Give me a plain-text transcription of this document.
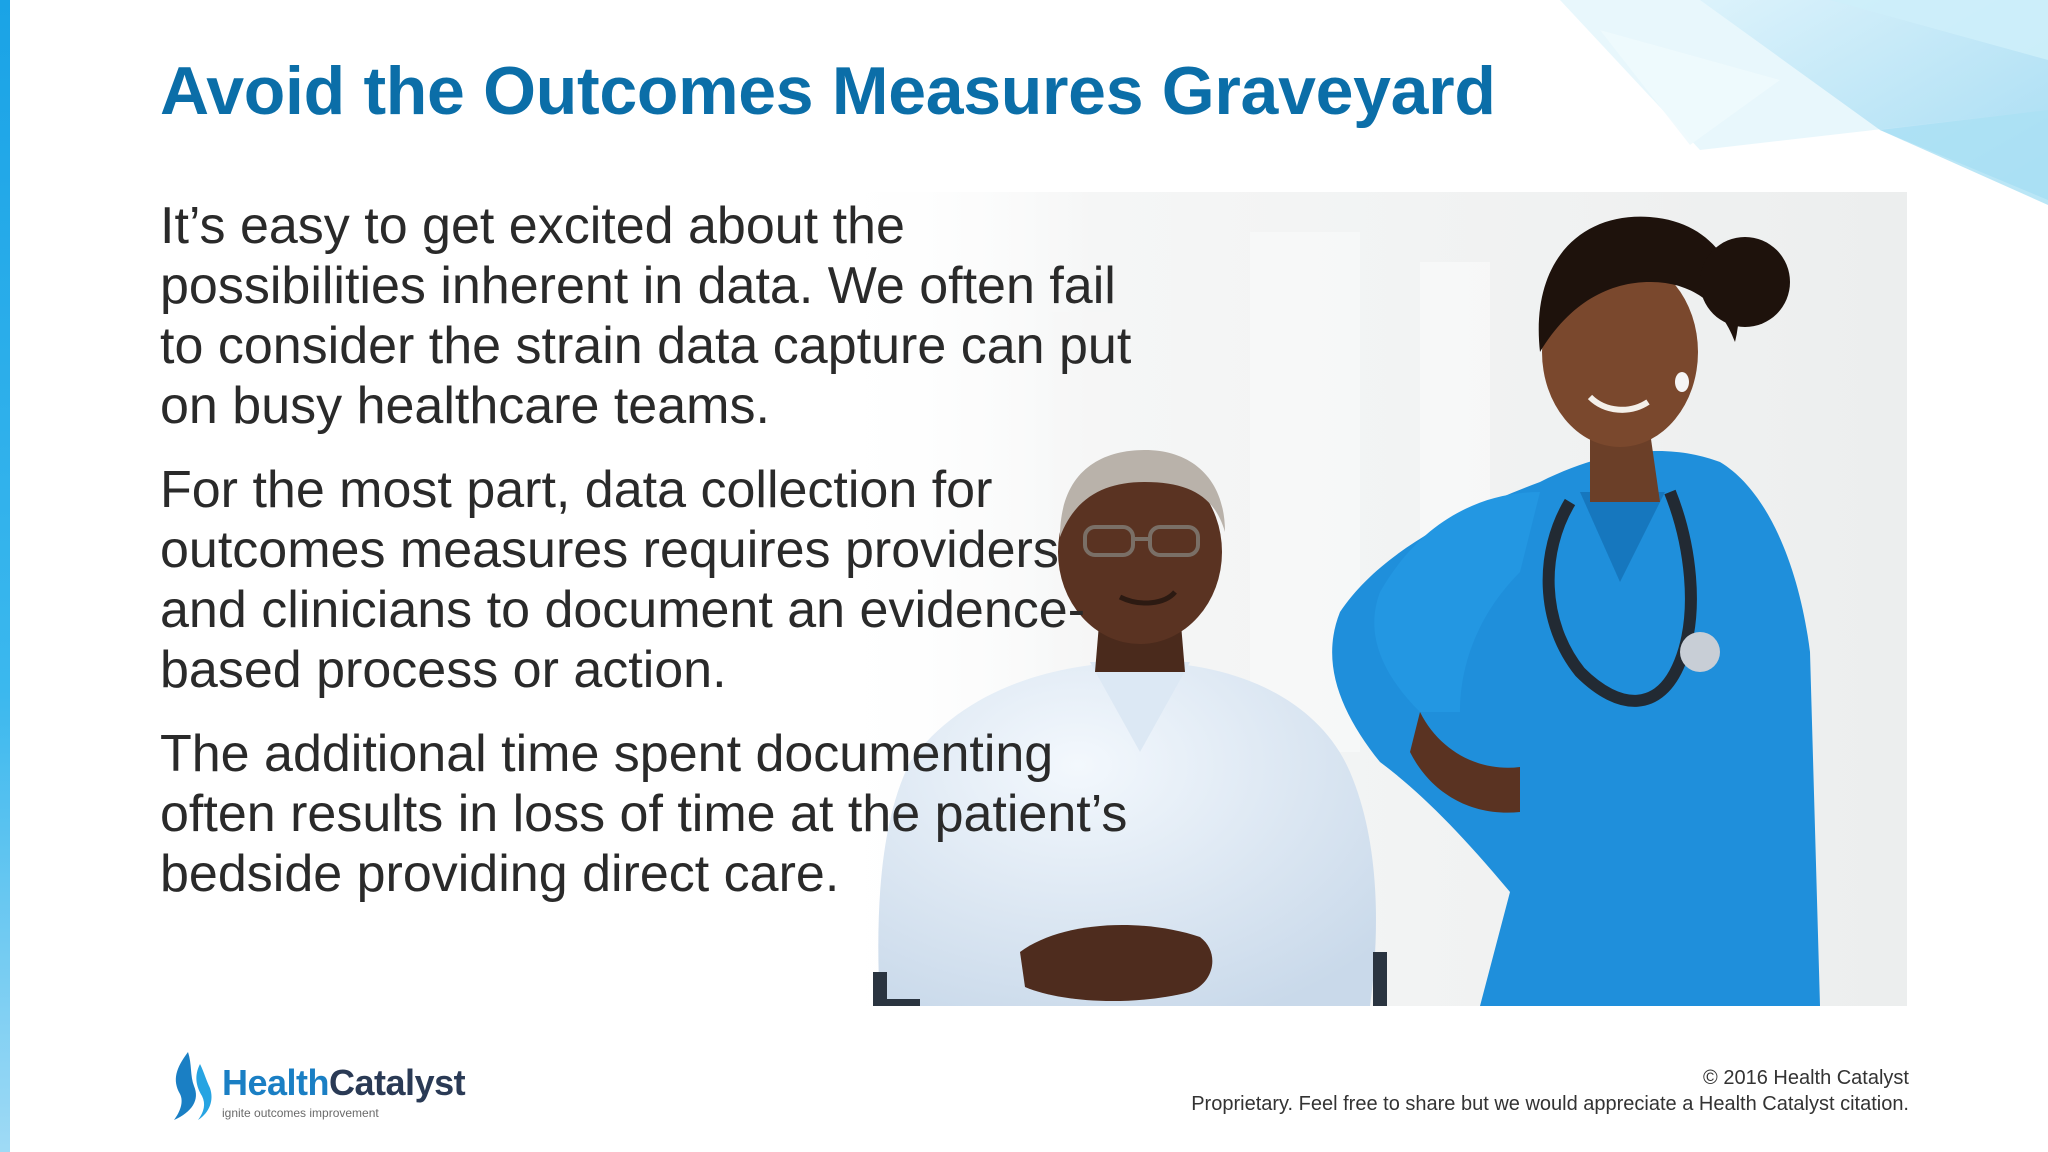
Avoid the Outcomes Measures Graveyard

It’s easy to get excited about the possibilities inherent in data. We often fail to consider the strain data capture can put on busy healthcare teams.

For the most part, data collection for outcomes measures requires providers and clinicians to document an evidence-based process or action.

The additional time spent documenting often results in loss of time at the patient’s bedside providing direct care.

HealthCatalyst
ignite outcomes improvement
© 2016 Health Catalyst
Proprietary. Feel free to share but we would appreciate a Health Catalyst citation.
